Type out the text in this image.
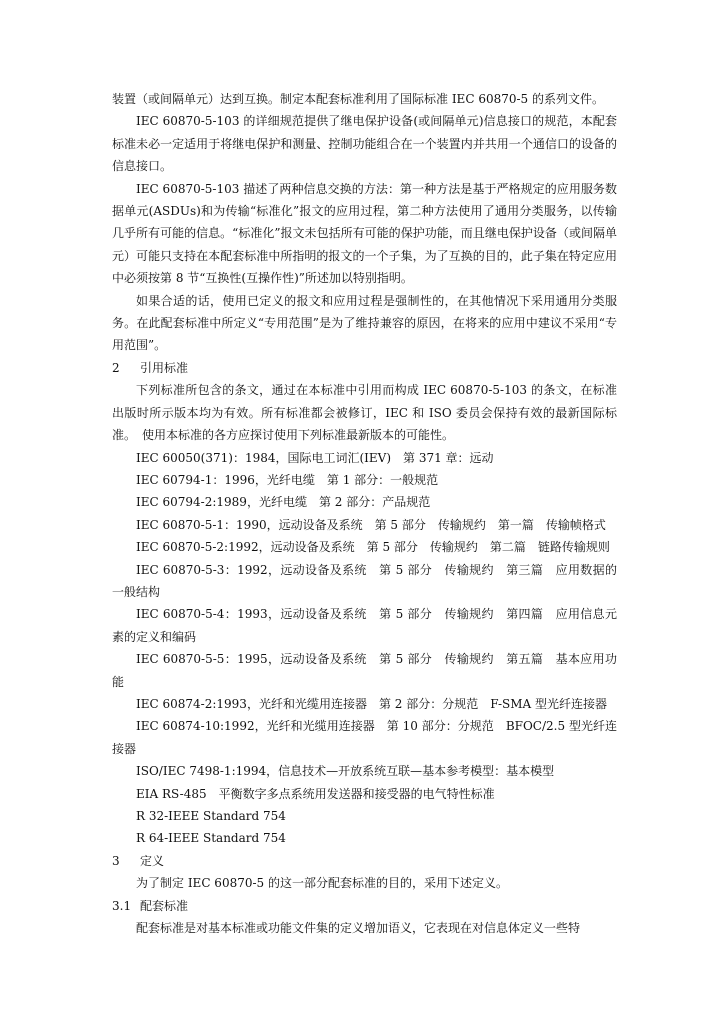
装置（或间隔单元）达到互换。制定本配套标准利用了国际标准 IEC 60870-5 的系列文件。

IEC 60870-5-103 的详细规范提供了继电保护设备(或间隔单元)信息接口的规范，本配套标准未必一定适用于将继电保护和测量、控制功能组合在一个装置内并共用一个通信口的设备的信息接口。

IEC 60870-5-103 描述了两种信息交换的方法：第一种方法是基于严格规定的应用服务数据单元(ASDUs)和为传输“标准化”报文的应用过程，第二种方法使用了通用分类服务，以传输几乎所有可能的信息。“标准化”报文未包括所有可能的保护功能，而且继电保护设备（或间隔单元）可能只支持在本配套标准中所指明的报文的一个子集，为了互换的目的，此子集在特定应用中必须按第 8 节“互换性(互操作性)”所述加以特别指明。

如果合适的话，使用已定义的报文和应用过程是强制性的，在其他情况下采用通用分类服务。在此配套标准中所定义“专用范围”是为了维持兼容的原因，在将来的应用中建议不采用“专用范围”。

2 引用标准

下列标准所包含的条文，通过在本标准中引用而构成 IEC 60870-5-103 的条文，在标准出版时所示版本均为有效。所有标准都会被修订，IEC 和 ISO 委员会保持有效的最新国际标准。　使用本标准的各方应探讨使用下列标准最新版本的可能性。

IEC 60050(371)：1984，国际电工词汇(IEV)　第 371 章：远动

IEC 60794-1：1996，光纤电缆　第 1 部分：一般规范

IEC 60794-2:1989，光纤电缆　第 2 部分：产品规范

IEC 60870-5-1：1990，远动设备及系统　第 5 部分　传输规约　第一篇　传输帧格式

IEC 60870-5-2:1992，远动设备及系统　第 5 部分　传输规约　第二篇　链路传输规则

IEC 60870-5-3：1992，远动设备及系统　第 5 部分　传输规约　第三篇　应用数据的一般结构

IEC 60870-5-4：1993，远动设备及系统　第 5 部分　传输规约　第四篇　应用信息元素的定义和编码

IEC 60870-5-5：1995，远动设备及系统　第 5 部分　传输规约　第五篇　基本应用功能

IEC 60874-2:1993，光纤和光缆用连接器　第 2 部分：分规范　F-SMA 型光纤连接器

IEC 60874-10:1992，光纤和光缆用连接器　第 10 部分：分规范　BFOC/2.5 型光纤连接器

ISO/IEC 7498-1:1994，信息技术—开放系统互联—基本参考模型：基本模型

EIA RS-485　平衡数字多点系统用发送器和接受器的电气特性标准

R 32-IEEE Standard 754

R 64-IEEE Standard 754

3 定义

为了制定 IEC 60870-5 的这一部分配套标准的目的，采用下述定义。

3.1 配套标准

配套标准是对基本标准或功能文件集的定义增加语义，它表现在对信息体定义一些特
